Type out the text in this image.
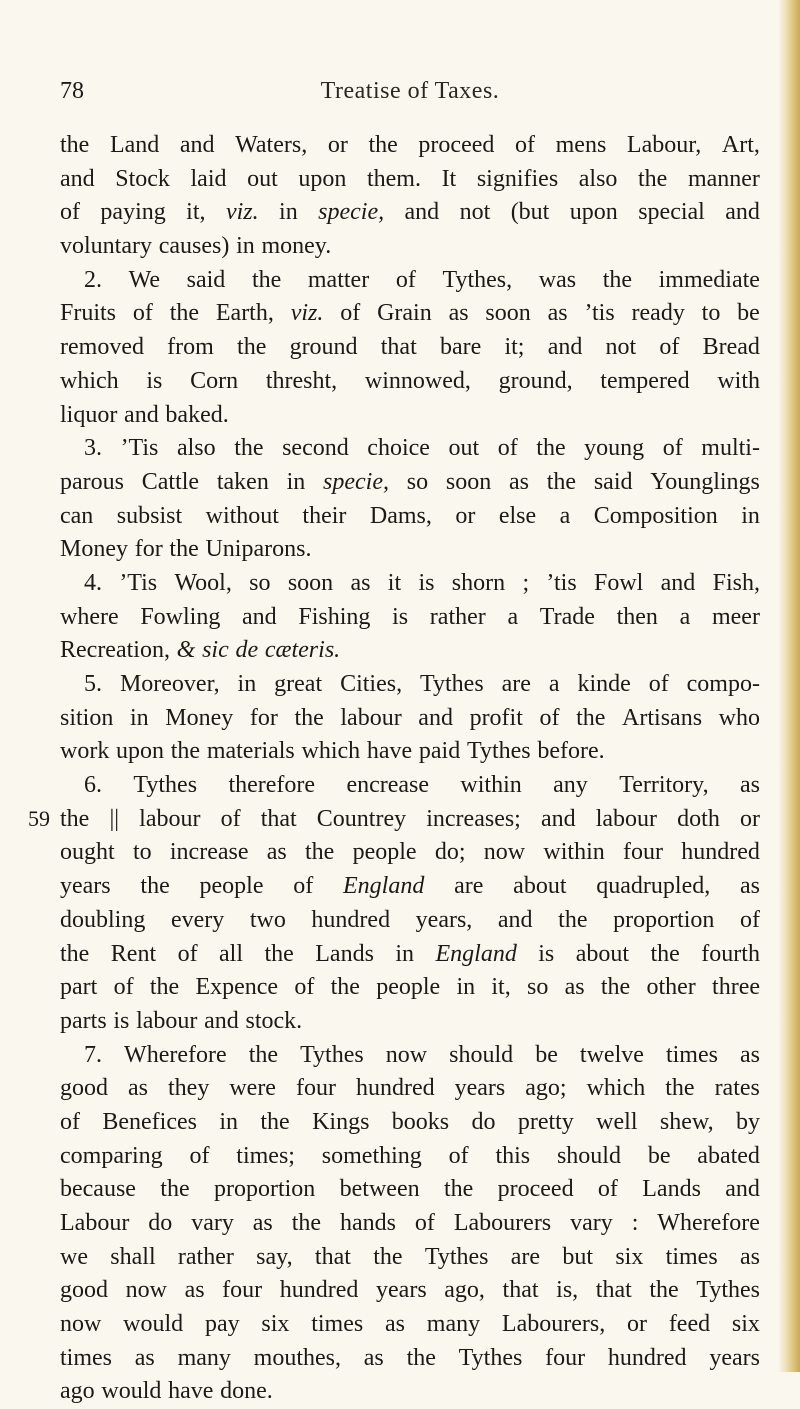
78	Treatise of Taxes.
59
the Land and Waters, or the proceed of mens Labour, Art,
and Stock laid out upon them. It signifies also the manner
of paying it, viz. in specie, and not (but upon special and
voluntary causes) in money.
2. We said the matter of Tythes, was the immediate
Fruits of the Earth, viz. of Grain as soon as ’tis ready to be
removed from the ground that bare it; and not of Bread
which is Corn thresht, winnowed, ground, tempered with
liquor and baked.
3. ’Tis also the second choice out of the young of multi-
parous Cattle taken in specie, so soon as the said Younglings
can subsist without their Dams, or else a Composition in
Money for the Uniparons.
4. ’Tis Wool, so soon as it is shorn ; ’tis Fowl and Fish,
where Fowling and Fishing is rather a Trade then a meer
Recreation, & sic de cæteris.
5. Moreover, in great Cities, Tythes are a kinde of compo-
sition in Money for the labour and profit of the Artisans who
work upon the materials which have paid Tythes before.
6. Tythes therefore encrease within any Territory, as
the || labour of that Countrey increases; and labour doth or
ought to increase as the people do; now within four hundred
years the people of England are about quadrupled, as
doubling every two hundred years, and the proportion of
the Rent of all the Lands in England is about the fourth
part of the Expence of the people in it, so as the other three
parts is labour and stock.
7. Wherefore the Tythes now should be twelve times as
good as they were four hundred years ago; which the rates
of Benefices in the Kings books do pretty well shew, by
comparing of times; something of this should be abated
because the proportion between the proceed of Lands and
Labour do vary as the hands of Labourers vary : Wherefore
we shall rather say, that the Tythes are but six times as
good now as four hundred years ago, that is, that the Tythes
now would pay six times as many Labourers, or feed six
times as many mouthes, as the Tythes four hundred years
ago would have done.
